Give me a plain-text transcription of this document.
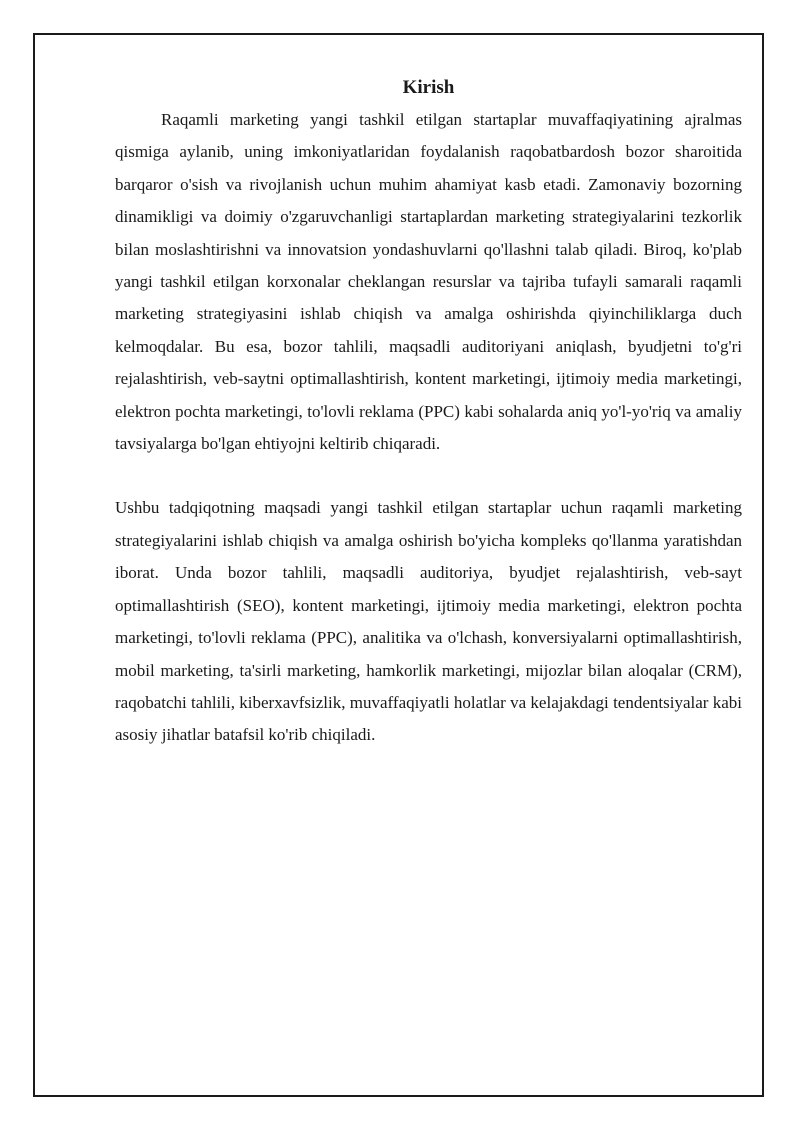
Kirish

Raqamli marketing yangi tashkil etilgan startaplar muvaffaqiyatining ajralmas qismiga aylanib, uning imkoniyatlaridan foydalanish raqobatbardosh bozor sharoitida barqaror o'sish va rivojlanish uchun muhim ahamiyat kasb etadi. Zamonaviy bozorning dinamikligi va doimiy o'zgaruvchanligi startaplardan marketing strategiyalarini tezkorlik bilan moslashtirishni va innovatsion yondashuvlarni qo'llashni talab qiladi. Biroq, ko'plab yangi tashkil etilgan korxonalar cheklangan resurslar va tajriba tufayli samarali raqamli marketing strategiyasini ishlab chiqish va amalga oshirishda qiyinchiliklarga duch kelmoqdalar. Bu esa, bozor tahlili, maqsadli auditoriyani aniqlash, byudjetni to'g'ri rejalashtirish, veb-saytni optimallashtirish, kontent marketingi, ijtimoiy media marketingi, elektron pochta marketingi, to'lovli reklama (PPC) kabi sohalarda aniq yo'l-yo'riq va amaliy tavsiyalarga bo'lgan ehtiyojni keltirib chiqaradi.

Ushbu tadqiqotning maqsadi yangi tashkil etilgan startaplar uchun raqamli marketing strategiyalarini ishlab chiqish va amalga oshirish bo'yicha kompleks qo'llanma yaratishdan iborat. Unda bozor tahlili, maqsadli auditoriya, byudjet rejalashtirish, veb-sayt optimallashtirish (SEO), kontent marketingi, ijtimoiy media marketingi, elektron pochta marketingi, to'lovli reklama (PPC), analitika va o'lchash, konversiyalarni optimallashtirish, mobil marketing, ta'sirli marketing, hamkorlik marketingi, mijozlar bilan aloqalar (CRM), raqobatchi tahlili, kiberxavfsizlik, muvaffaqiyatli holatlar va kelajakdagi tendentsiyalar kabi asosiy jihatlar batafsil ko'rib chiqiladi.
